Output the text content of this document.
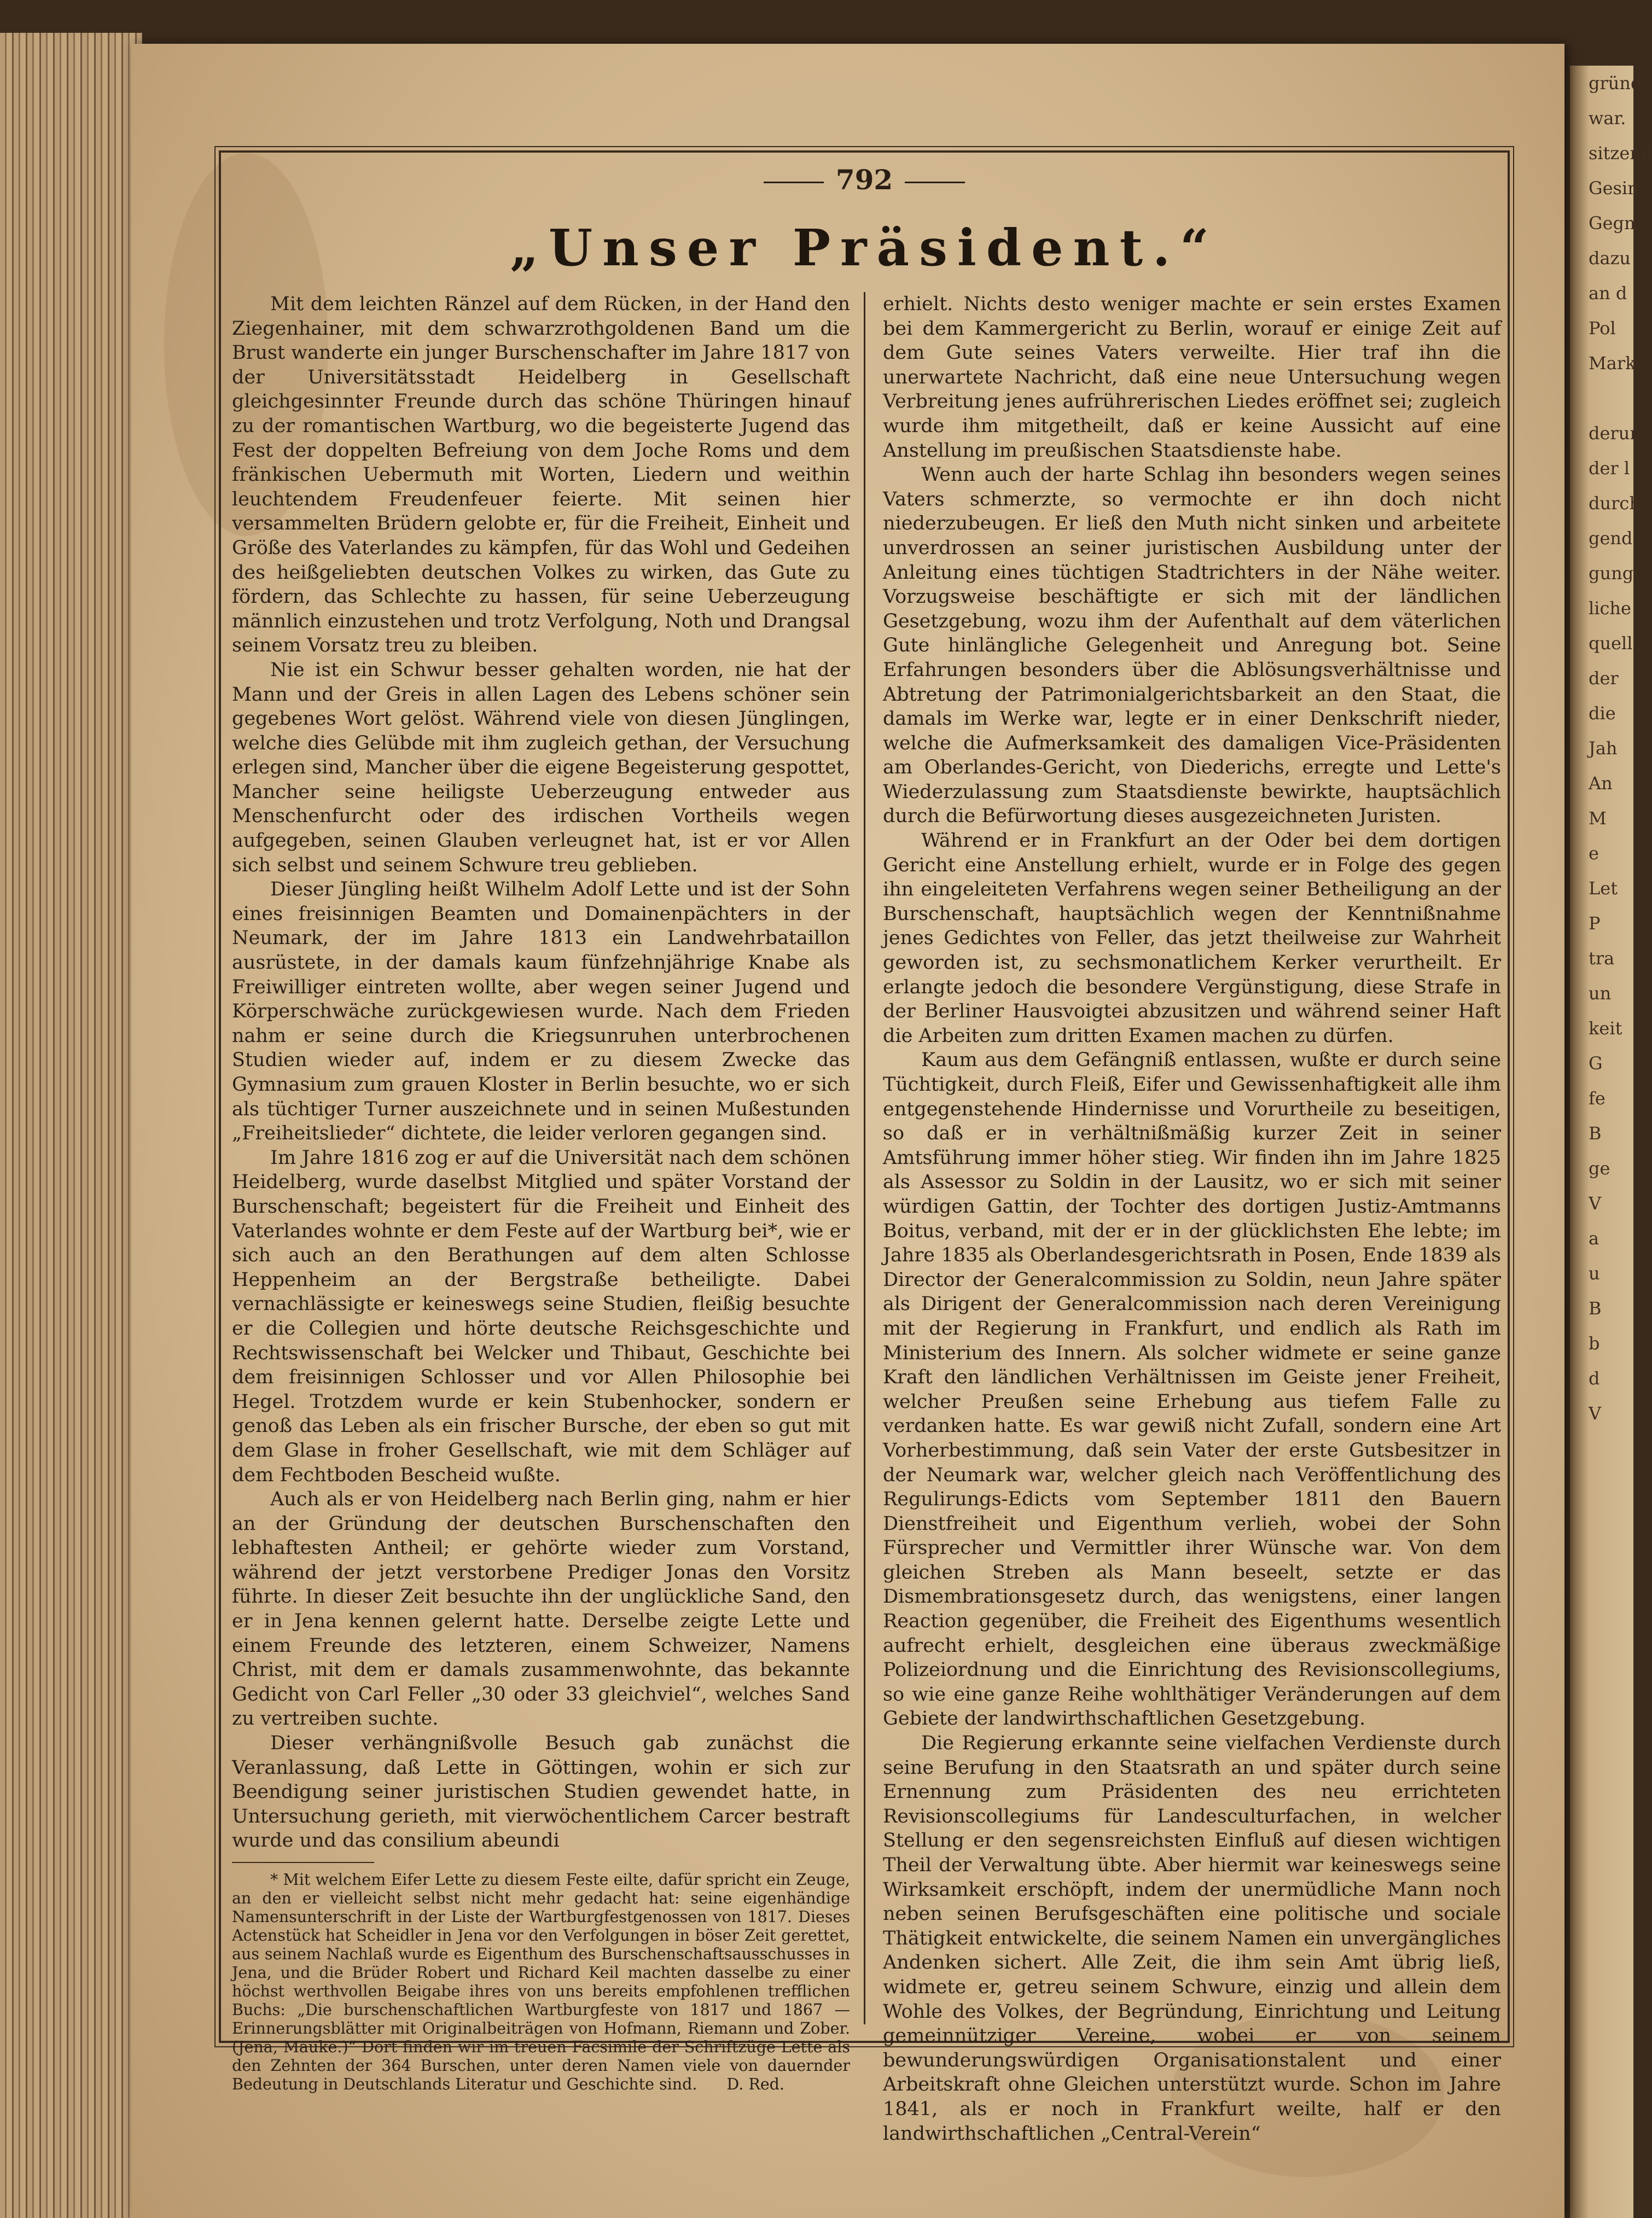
gründ
war.
sitzend
Gesin
Gegn
dazu
an d
Pol
Mark

derun
der l
durch
gend
gung
liche
quell
der
die
Jah
An
M
e
Let
P
tra
un
keit
G
fe
B
ge
V
a
u
B
b
d
V
792
„Unser Präsident.“

Mit dem leichten Ränzel auf dem Rücken, in der Hand den Ziegenhainer, mit dem schwarzrothgoldenen Band um die Brust wanderte ein junger Burschenschafter im Jahre 1817 von der Universitätsstadt Heidelberg in Gesellschaft gleichgesinnter Freunde durch das schöne Thüringen hinauf zu der romantischen Wartburg, wo die begeisterte Jugend das Fest der doppelten Befreiung von dem Joche Roms und dem fränkischen Uebermuth mit Worten, Liedern und weithin leuchtendem Freudenfeuer feierte. Mit seinen hier versammelten Brüdern gelobte er, für die Freiheit, Einheit und Größe des Vaterlandes zu kämpfen, für das Wohl und Gedeihen des heißgeliebten deutschen Volkes zu wirken, das Gute zu fördern, das Schlechte zu hassen, für seine Ueberzeugung männlich einzustehen und trotz Verfolgung, Noth und Drangsal seinem Vorsatz treu zu bleiben.

Nie ist ein Schwur besser gehalten worden, nie hat der Mann und der Greis in allen Lagen des Lebens schöner sein gegebenes Wort gelöst. Während viele von diesen Jünglingen, welche dies Gelübde mit ihm zugleich gethan, der Versuchung erlegen sind, Mancher über die eigene Begeisterung gespottet, Mancher seine heiligste Ueberzeugung entweder aus Menschenfurcht oder des irdischen Vortheils wegen aufgegeben, seinen Glauben verleugnet hat, ist er vor Allen sich selbst und seinem Schwure treu geblieben.

Dieser Jüngling heißt Wilhelm Adolf Lette und ist der Sohn eines freisinnigen Beamten und Domainenpächters in der Neumark, der im Jahre 1813 ein Landwehrbataillon ausrüstete, in der damals kaum fünfzehnjährige Knabe als Freiwilliger eintreten wollte, aber wegen seiner Jugend und Körperschwäche zurückgewiesen wurde. Nach dem Frieden nahm er seine durch die Kriegsunruhen unterbrochenen Studien wieder auf, indem er zu diesem Zwecke das Gymnasium zum grauen Kloster in Berlin besuchte, wo er sich als tüchtiger Turner auszeichnete und in seinen Mußestunden „Freiheitslieder“ dichtete, die leider verloren gegangen sind.

Im Jahre 1816 zog er auf die Universität nach dem schönen Heidelberg, wurde daselbst Mitglied und später Vorstand der Burschenschaft; begeistert für die Freiheit und Einheit des Vaterlandes wohnte er dem Feste auf der Wartburg bei*, wie er sich auch an den Berathungen auf dem alten Schlosse Heppenheim an der Bergstraße betheiligte. Dabei vernachlässigte er keineswegs seine Studien, fleißig besuchte er die Collegien und hörte deutsche Reichsgeschichte und Rechtswissenschaft bei Welcker und Thibaut, Geschichte bei dem freisinnigen Schlosser und vor Allen Philosophie bei Hegel. Trotzdem wurde er kein Stubenhocker, sondern er genoß das Leben als ein frischer Bursche, der eben so gut mit dem Glase in froher Gesellschaft, wie mit dem Schläger auf dem Fechtboden Bescheid wußte.

Auch als er von Heidelberg nach Berlin ging, nahm er hier an der Gründung der deutschen Burschenschaften den lebhaftesten Antheil; er gehörte wieder zum Vorstand, während der jetzt verstorbene Prediger Jonas den Vorsitz führte. In dieser Zeit besuchte ihn der unglückliche Sand, den er in Jena kennen gelernt hatte. Derselbe zeigte Lette und einem Freunde des letzteren, einem Schweizer, Namens Christ, mit dem er damals zusammenwohnte, das bekannte Gedicht von Carl Feller „30 oder 33 gleichviel“, welches Sand zu vertreiben suchte.

Dieser verhängnißvolle Besuch gab zunächst die Veranlassung, daß Lette in Göttingen, wohin er sich zur Beendigung seiner juristischen Studien gewendet hatte, in Untersuchung gerieth, mit vierwöchentlichem Carcer bestraft wurde und das consilium abeundi

* Mit welchem Eifer Lette zu diesem Feste eilte, dafür spricht ein Zeuge, an den er vielleicht selbst nicht mehr gedacht hat: seine eigenhändige Namensunterschrift in der Liste der Wartburgfestgenossen von 1817. Dieses Actenstück hat Scheidler in Jena vor den Verfolgungen in böser Zeit gerettet, aus seinem Nachlaß wurde es Eigenthum des Burschenschaftsausschusses in Jena, und die Brüder Robert und Richard Keil machten dasselbe zu einer höchst werthvollen Beigabe ihres von uns bereits empfohlenen trefflichen Buchs: „Die burschenschaftlichen Wartburgfeste von 1817 und 1867 — Erinnerungsblätter mit Originalbeiträgen von Hofmann, Riemann und Zober. (Jena, Mauke.)“ Dort finden wir im treuen Facsimile der Schriftzüge Lette als den Zehnten der 364 Burschen, unter deren Namen viele von dauernder Bedeutung in Deutschlands Literatur und Geschichte sind.	D. Red.

erhielt. Nichts desto weniger machte er sein erstes Examen bei dem Kammergericht zu Berlin, worauf er einige Zeit auf dem Gute seines Vaters verweilte. Hier traf ihn die unerwartete Nachricht, daß eine neue Untersuchung wegen Verbreitung jenes aufrührerischen Liedes eröffnet sei; zugleich wurde ihm mitgetheilt, daß er keine Aussicht auf eine Anstellung im preußischen Staatsdienste habe.

Wenn auch der harte Schlag ihn besonders wegen seines Vaters schmerzte, so vermochte er ihn doch nicht niederzubeugen. Er ließ den Muth nicht sinken und arbeitete unverdrossen an seiner juristischen Ausbildung unter der Anleitung eines tüchtigen Stadtrichters in der Nähe weiter. Vorzugsweise beschäftigte er sich mit der ländlichen Gesetzgebung, wozu ihm der Aufenthalt auf dem väterlichen Gute hinlängliche Gelegenheit und Anregung bot. Seine Erfahrungen besonders über die Ablösungsverhältnisse und Abtretung der Patrimonialgerichtsbarkeit an den Staat, die damals im Werke war, legte er in einer Denkschrift nieder, welche die Aufmerksamkeit des damaligen Vice-Präsidenten am Oberlandes-Gericht, von Diederichs, erregte und Lette's Wiederzulassung zum Staatsdienste bewirkte, hauptsächlich durch die Befürwortung dieses ausgezeichneten Juristen.

Während er in Frankfurt an der Oder bei dem dortigen Gericht eine Anstellung erhielt, wurde er in Folge des gegen ihn eingeleiteten Verfahrens wegen seiner Betheiligung an der Burschenschaft, hauptsächlich wegen der Kenntnißnahme jenes Gedichtes von Feller, das jetzt theilweise zur Wahrheit geworden ist, zu sechsmonatlichem Kerker verurtheilt. Er erlangte jedoch die besondere Vergünstigung, diese Strafe in der Berliner Hausvoigtei abzusitzen und während seiner Haft die Arbeiten zum dritten Examen machen zu dürfen.

Kaum aus dem Gefängniß entlassen, wußte er durch seine Tüchtigkeit, durch Fleiß, Eifer und Gewissenhaftigkeit alle ihm entgegenstehende Hindernisse und Vorurtheile zu beseitigen, so daß er in verhältnißmäßig kurzer Zeit in seiner Amtsführung immer höher stieg. Wir finden ihn im Jahre 1825 als Assessor zu Soldin in der Lausitz, wo er sich mit seiner würdigen Gattin, der Tochter des dortigen Justiz-Amtmanns Boitus, verband, mit der er in der glücklichsten Ehe lebte; im Jahre 1835 als Oberlandesgerichtsrath in Posen, Ende 1839 als Director der Generalcommission zu Soldin, neun Jahre später als Dirigent der Generalcommission nach deren Vereinigung mit der Regierung in Frankfurt, und endlich als Rath im Ministerium des Innern. Als solcher widmete er seine ganze Kraft den ländlichen Verhältnissen im Geiste jener Freiheit, welcher Preußen seine Erhebung aus tiefem Falle zu verdanken hatte. Es war gewiß nicht Zufall, sondern eine Art Vorherbestimmung, daß sein Vater der erste Gutsbesitzer in der Neumark war, welcher gleich nach Veröffentlichung des Regulirungs-Edicts vom September 1811 den Bauern Dienstfreiheit und Eigenthum verlieh, wobei der Sohn Fürsprecher und Vermittler ihrer Wünsche war. Von dem gleichen Streben als Mann beseelt, setzte er das Dismembrationsgesetz durch, das wenigstens, einer langen Reaction gegenüber, die Freiheit des Eigenthums wesentlich aufrecht erhielt, desgleichen eine überaus zweckmäßige Polizeiordnung und die Einrichtung des Revisionscollegiums, so wie eine ganze Reihe wohlthätiger Veränderungen auf dem Gebiete der landwirthschaftlichen Gesetzgebung.

Die Regierung erkannte seine vielfachen Verdienste durch seine Berufung in den Staatsrath an und später durch seine Ernennung zum Präsidenten des neu errichteten Revisionscollegiums für Landesculturfachen, in welcher Stellung er den segensreichsten Einfluß auf diesen wichtigen Theil der Verwaltung übte. Aber hiermit war keineswegs seine Wirksamkeit erschöpft, indem der unermüdliche Mann noch neben seinen Berufsgeschäften eine politische und sociale Thätigkeit entwickelte, die seinem Namen ein unvergängliches Andenken sichert. Alle Zeit, die ihm sein Amt übrig ließ, widmete er, getreu seinem Schwure, einzig und allein dem Wohle des Volkes, der Begründung, Einrichtung und Leitung gemeinnütziger Vereine, wobei er von seinem bewunderungswürdigen Organisationstalent und einer Arbeitskraft ohne Gleichen unterstützt wurde. Schon im Jahre 1841, als er noch in Frankfurt weilte, half er den landwirthschaftlichen „Central-Verein“
